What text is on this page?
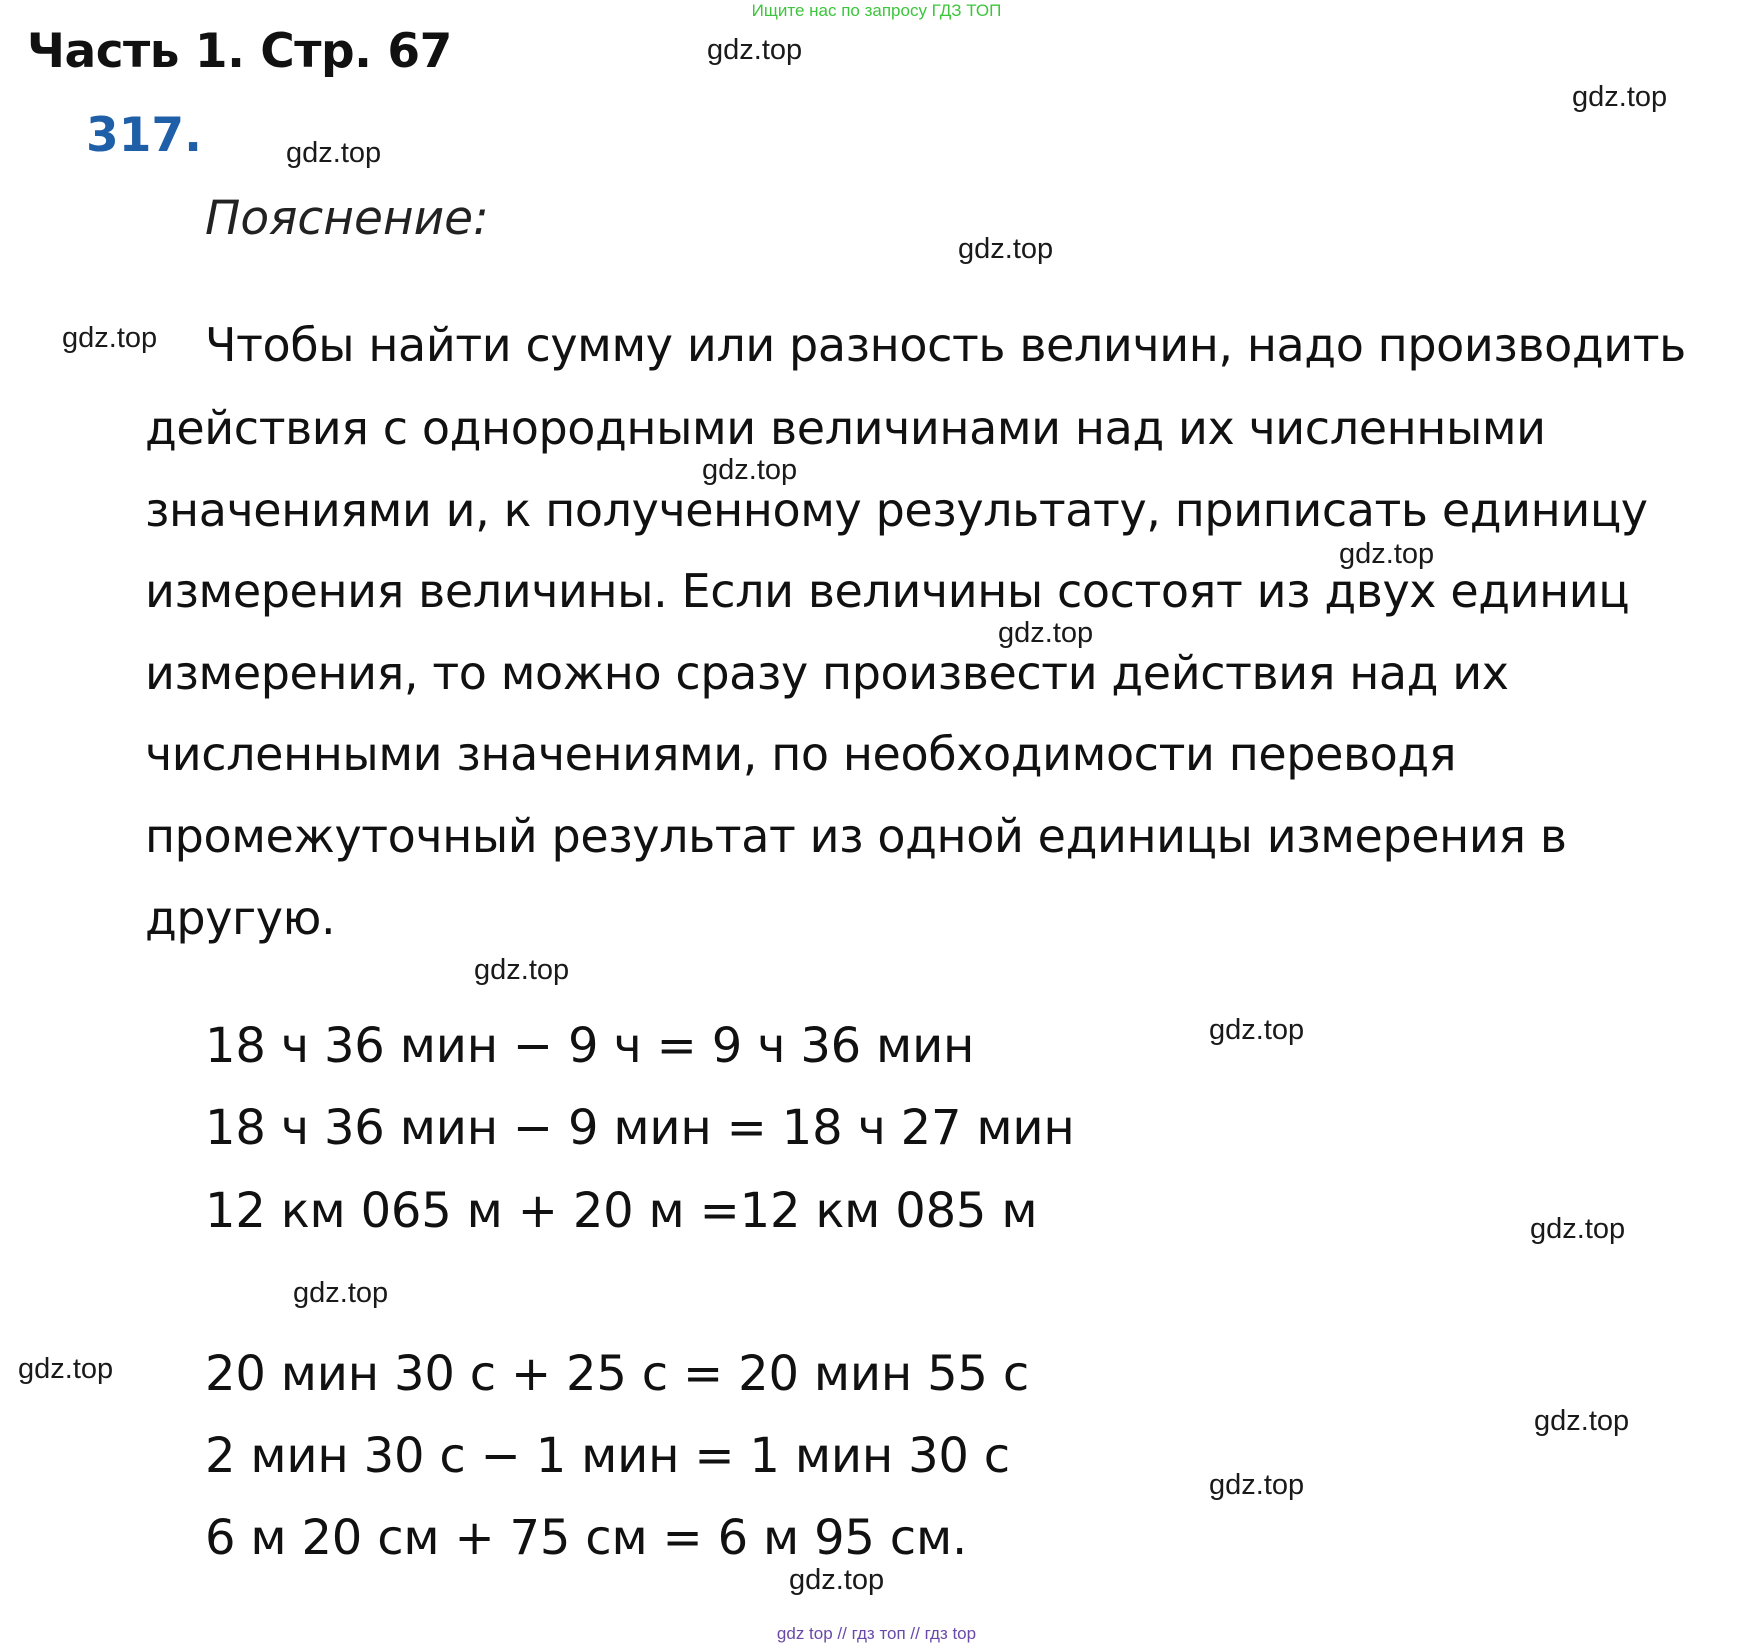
Ищите нас по запросу ГДЗ ТОП
Часть 1. Стр. 67
317.
Пояснение:
Чтобы найти сумму или разность величин, надо производить
действия с однородными величинами над их численными
значениями и, к полученному результату, приписать единицу
измерения величины. Если величины состоят из двух единиц
измерения, то можно сразу произвести действия над их
численными значениями, по необходимости переводя
промежуточный результат из одной единицы измерения в
другую.
18 ч 36 мин − 9 ч = 9 ч 36 мин
18 ч 36 мин − 9 мин = 18 ч 27 мин
12 км 065 м + 20 м =12 км 085 м
20 мин 30 с + 25 с = 20 мин 55 с
2 мин 30 с − 1 мин = 1 мин 30 с
6 м 20 см + 75 см = 6 м 95 см.
gdz.top
gdz.top
gdz.top
gdz.top
gdz.top
gdz.top
gdz.top
gdz.top
gdz.top
gdz.top
gdz.top
gdz.top
gdz.top
gdz.top
gdz.top
gdz.top
gdz top // гдз топ // гдз top
